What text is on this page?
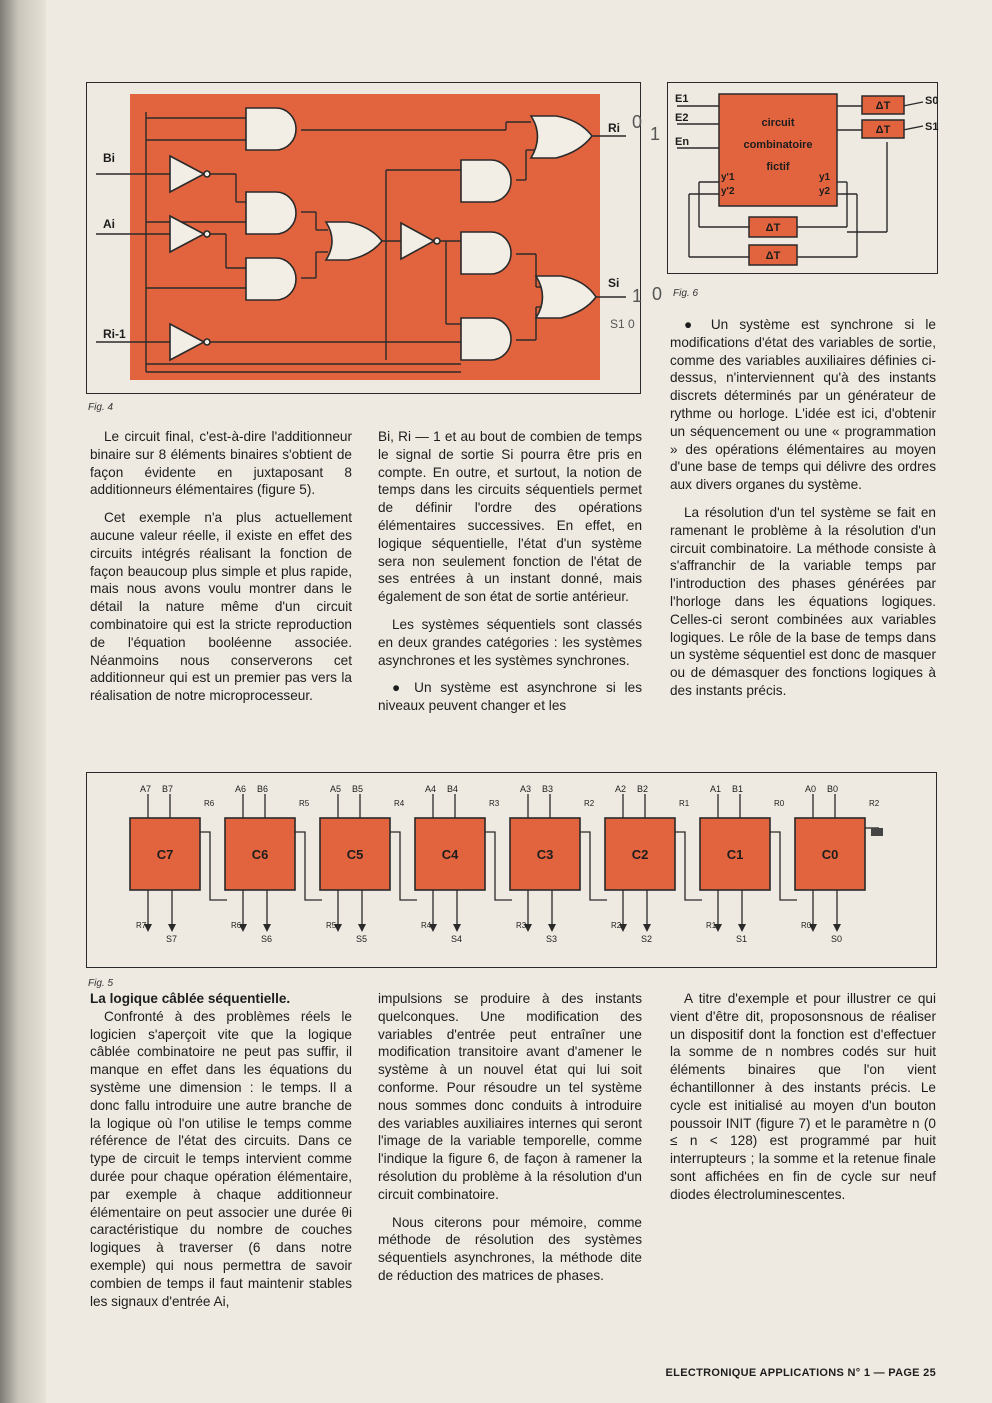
Bi
Ai
Ri-1
Ri
Si
0
1
0
1
S1 0
Fig. 4
circuit
combinatoire
fictif
ΔT
ΔT
ΔT
ΔT
E1
E2
En
S0
S1
y'1
y'2
y1
y2
Fig. 6

Le circuit final, c'est-à-dire l'additionneur binaire sur 8 éléments binaires s'obtient de façon évidente en juxtaposant 8 additionneurs élémentaires (figure 5).

Cet exemple n'a plus actuellement aucune valeur réelle, il existe en effet des circuits intégrés réalisant la fonction de façon beaucoup plus simple et plus rapide, mais nous avons voulu montrer dans le détail la nature même d'un circuit combinatoire qui est la stricte reproduction de l'équation booléenne associée. Néanmoins nous conserverons cet additionneur qui est un premier pas vers la réalisation de notre microprocesseur.

Bi, Ri — 1 et au bout de combien de temps le signal de sortie Si pourra être pris en compte. En outre, et surtout, la notion de temps dans les circuits séquentiels permet de définir l'ordre des opérations élémentaires successives. En effet, en logique séquentielle, l'état d'un système sera non seulement fonction de l'état de ses entrées à un instant donné, mais également de son état de sortie antérieur.

Les systèmes séquentiels sont classés en deux grandes catégories : les systèmes asynchrones et les systèmes synchrones.

● Un système est asynchrone si les niveaux peuvent changer et les

● Un système est synchrone si le modifications d'état des variables de sortie, comme des variables auxiliaires définies ci-dessus, n'interviennent qu'à des instants discrets déterminés par un générateur de rythme ou horloge. L'idée est ici, d'obtenir un séquencement ou une « programmation » des opérations élémentaires au moyen d'une base de temps qui délivre des ordres aux divers organes du système.

La résolution d'un tel système se fait en ramenant le problème à la résolution d'un circuit combinatoire. La méthode consiste à s'affranchir de la variable temps par l'introduction des phases générées par l'horloge dans les équations logiques. Celles-ci seront combinées aux variables logiques. Le rôle de la base de temps dans un système séquentiel est donc de masquer ou de démasquer des fonctions logiques à des instants précis.

C7
A7 B7
R6
R7
S7
C6
A6 B6
R5
R6
S6
C5
A5 B5
R4
R5
S5
C4
A4 B4
R3
R4
S4
C3
A3 B3
R2
R3
S3
C2
A2 B2
R1
R2
S2
C1
A1 B1
R0
R1
S1
C0
A0 B0
R2
R0
S0
Fig. 5

La logique câblée séquentielle.

Confronté à des problèmes réels le logicien s'aperçoit vite que la logique câblée combinatoire ne peut pas suffir, il manque en effet dans les équations du système une dimension : le temps. Il a donc fallu introduire une autre branche de la logique où l'on utilise le temps comme référence de l'état des circuits. Dans ce type de circuit le temps intervient comme durée pour chaque opération élémentaire, par exemple à chaque additionneur élémentaire on peut associer une durée θi caractéristique du nombre de couches logiques à traverser (6 dans notre exemple) qui nous permettra de savoir combien de temps il faut maintenir stables les signaux d'entrée Ai,

impulsions se produire à des instants quelconques. Une modification des variables d'entrée peut entraîner une modification transitoire avant d'amener le système à un nouvel état qui lui soit conforme. Pour résoudre un tel système nous sommes donc conduits à introduire des variables auxiliaires internes qui seront l'image de la variable temporelle, comme l'indique la figure 6, de façon à ramener la résolution du problème à la résolution d'un circuit combinatoire.

Nous citerons pour mémoire, comme méthode de résolution des systèmes séquentiels asynchrones, la méthode dite de réduction des matrices de phases.

A titre d'exemple et pour illustrer ce qui vient d'être dit, proposonsnous de réaliser un dispositif dont la fonction est d'effectuer la somme de n nombres codés sur huit éléments binaires que l'on vient échantillonner à des instants précis. Le cycle est initialisé au moyen d'un bouton poussoir INIT (figure 7) et le paramètre n (0 ≤ n < 128) est programmé par huit interrupteurs ; la somme et la retenue finale sont affichées en fin de cycle sur neuf diodes électroluminescentes.

ELECTRONIQUE APPLICATIONS N° 1 — PAGE 25
